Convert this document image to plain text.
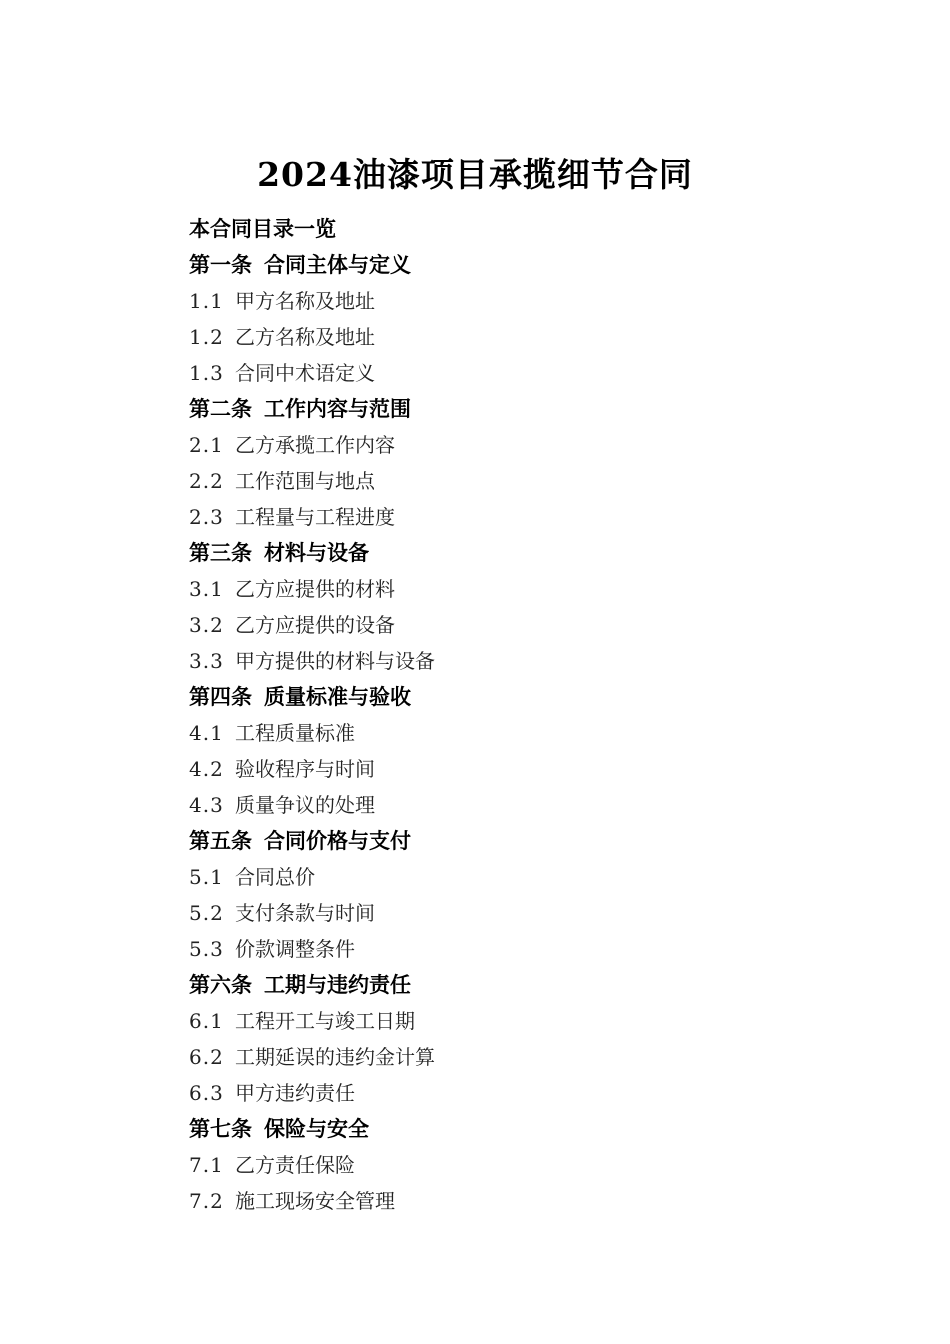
2024油漆项目承揽细节合同
本合同目录一览
第一条 合同主体与定义
1.1 甲方名称及地址
1.2 乙方名称及地址
1.3 合同中术语定义
第二条 工作内容与范围
2.1 乙方承揽工作内容
2.2 工作范围与地点
2.3 工程量与工程进度
第三条 材料与设备
3.1 乙方应提供的材料
3.2 乙方应提供的设备
3.3 甲方提供的材料与设备
第四条 质量标准与验收
4.1 工程质量标准
4.2 验收程序与时间
4.3 质量争议的处理
第五条 合同价格与支付
5.1 合同总价
5.2 支付条款与时间
5.3 价款调整条件
第六条 工期与违约责任
6.1 工程开工与竣工日期
6.2 工期延误的违约金计算
6.3 甲方违约责任
第七条 保险与安全
7.1 乙方责任保险
7.2 施工现场安全管理
